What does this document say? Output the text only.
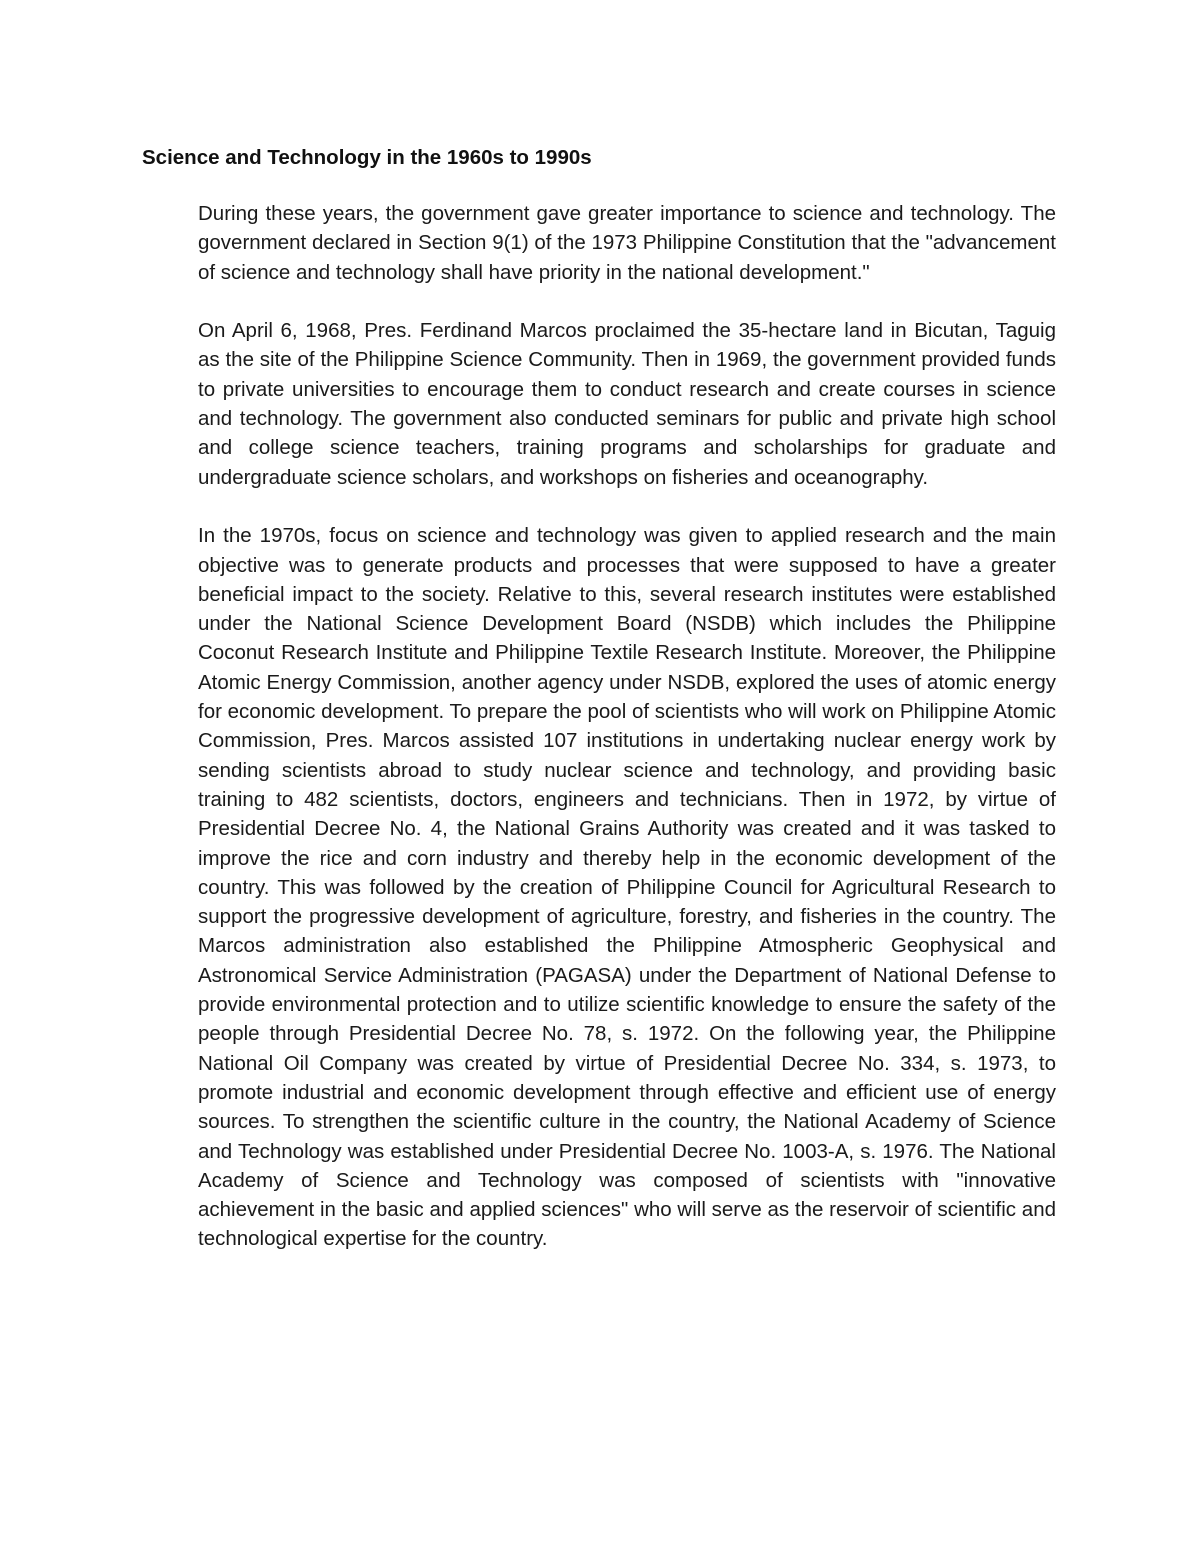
Science and Technology in the 1960s to 1990s

During these years, the government gave greater importance to science and technology. The government declared in Section 9(1) of the 1973 Philippine Constitution that the "advancement of science and technology shall have priority in the national development."

On April 6, 1968, Pres. Ferdinand Marcos proclaimed the 35-hectare land in Bicutan, Taguig as the site of the Philippine Science Community. Then in 1969, the government provided funds to private universities to encourage them to conduct research and create courses in science and technology. The government also conducted seminars for public and private high school and college science teachers, training programs and scholarships for graduate and undergraduate science scholars, and workshops on fisheries and oceanography.

In the 1970s, focus on science and technology was given to applied research and the main objective was to generate products and processes that were supposed to have a greater beneficial impact to the society. Relative to this, several research institutes were established under the National Science Development Board (NSDB) which includes the Philippine Coconut Research Institute and Philippine Textile Research Institute. Moreover, the Philippine Atomic Energy Commission, another agency under NSDB, explored the uses of atomic energy for economic development. To prepare the pool of scientists who will work on Philippine Atomic Commission, Pres. Marcos assisted 107 institutions in undertaking nuclear energy work by sending scientists abroad to study nuclear science and technology, and providing basic training to 482 scientists, doctors, engineers and technicians. Then in 1972, by virtue of Presidential Decree No. 4, the National Grains Authority was created and it was tasked to improve the rice and corn industry and thereby help in the economic development of the country. This was followed by the creation of Philippine Council for Agricultural Research to support the progressive development of agriculture, forestry, and fisheries in the country. The Marcos administration also established the Philippine Atmospheric Geophysical and Astronomical Service Administration (PAGASA) under the Department of National Defense to provide environmental protection and to utilize scientific knowledge to ensure the safety of the people through Presidential Decree No. 78, s. 1972. On the following year, the Philippine National Oil Company was created by virtue of Presidential Decree No. 334, s. 1973, to promote industrial and economic development through effective and efficient use of energy sources. To strengthen the scientific culture in the country, the National Academy of Science and Technology was established under Presidential Decree No. 1003-A, s. 1976. The National Academy of Science and Technology was composed of scientists with "innovative achievement in the basic and applied sciences" who will serve as the reservoir of scientific and technological expertise for the country.
